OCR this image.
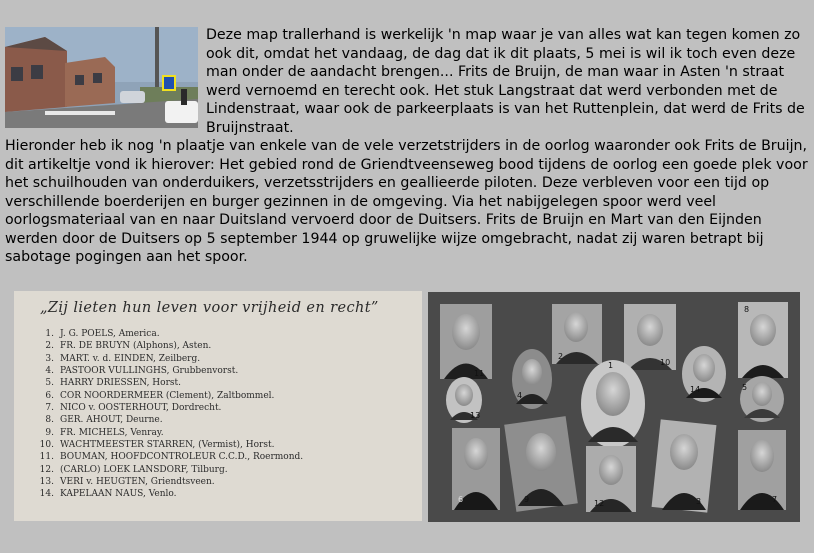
Deze map trallerhand is werkelijk 'n map waar je van alles wat kan tegen komen zo ook dit, omdat het vandaag, de dag dat ik dit plaats, 5 mei is wil ik toch even deze man onder de aandacht brengen... Frits de Bruijn, de man waar in Asten 'n straat werd vernoemd en terecht ook. Het stuk Langstraat dat werd verbonden met de Lindenstraat, waar ook de parkeerplaats is van het Ruttenplein, dat werd de Frits de Bruijnstraat.

Hieronder heb ik nog 'n plaatje van enkele van de vele verzetstrijders in de oorlog waaronder ook Frits de Bruijn, dit artikeltje vond ik hierover: Het gebied rond de Griendtveenseweg bood tijdens de oorlog een goede plek voor het schuilhouden van onderduikers, verzetsstrijders en geallieerde piloten. Deze verbleven voor een tijd op verschillende boerderijen en burger gezinnen in de omgeving. Via het nabijgelegen spoor werd veel oorlogsmateriaal van en naar Duitsland vervoerd door de Duitsers. Frits de Bruijn en Mart van den Eijnden werden door de Duitsers op 5 september 1944 op gruwelijke wijze omgebracht, nadat zij waren betrapt bij sabotage pogingen aan het spoor.

„Zij lieten hun leven voor vrijheid en recht”
1. J. G. POELS, America.
2. FR. DE BRUYN (Alphons), Asten.
3. MART. v. d. EINDEN, Zeilberg.
4. PASTOOR VULLINGHS, Grubbenvorst.
5. HARRY DRIESSEN, Horst.
6. COR NOORDERMEER (Clement), Zaltbommel.
7. NICO v. OOSTERHOUT, Dordrecht.
8. GER. AHOUT, Deurne.
9. FR. MICHELS, Venray.
10. WACHTMEESTER STARREN, (Vermist), Horst.
11. BOUMAN, HOOFDCONTROLEUR C.C.D., Roermond.
12. (CARLO) LOEK LANSDORF, Tilburg.
13. VERI v. HEUGTEN, Griendtsveen.
14. KAPELAAN NAUS, Venlo.
11
2
10
8
4
1
14	5
13
6	9	12	3	7
